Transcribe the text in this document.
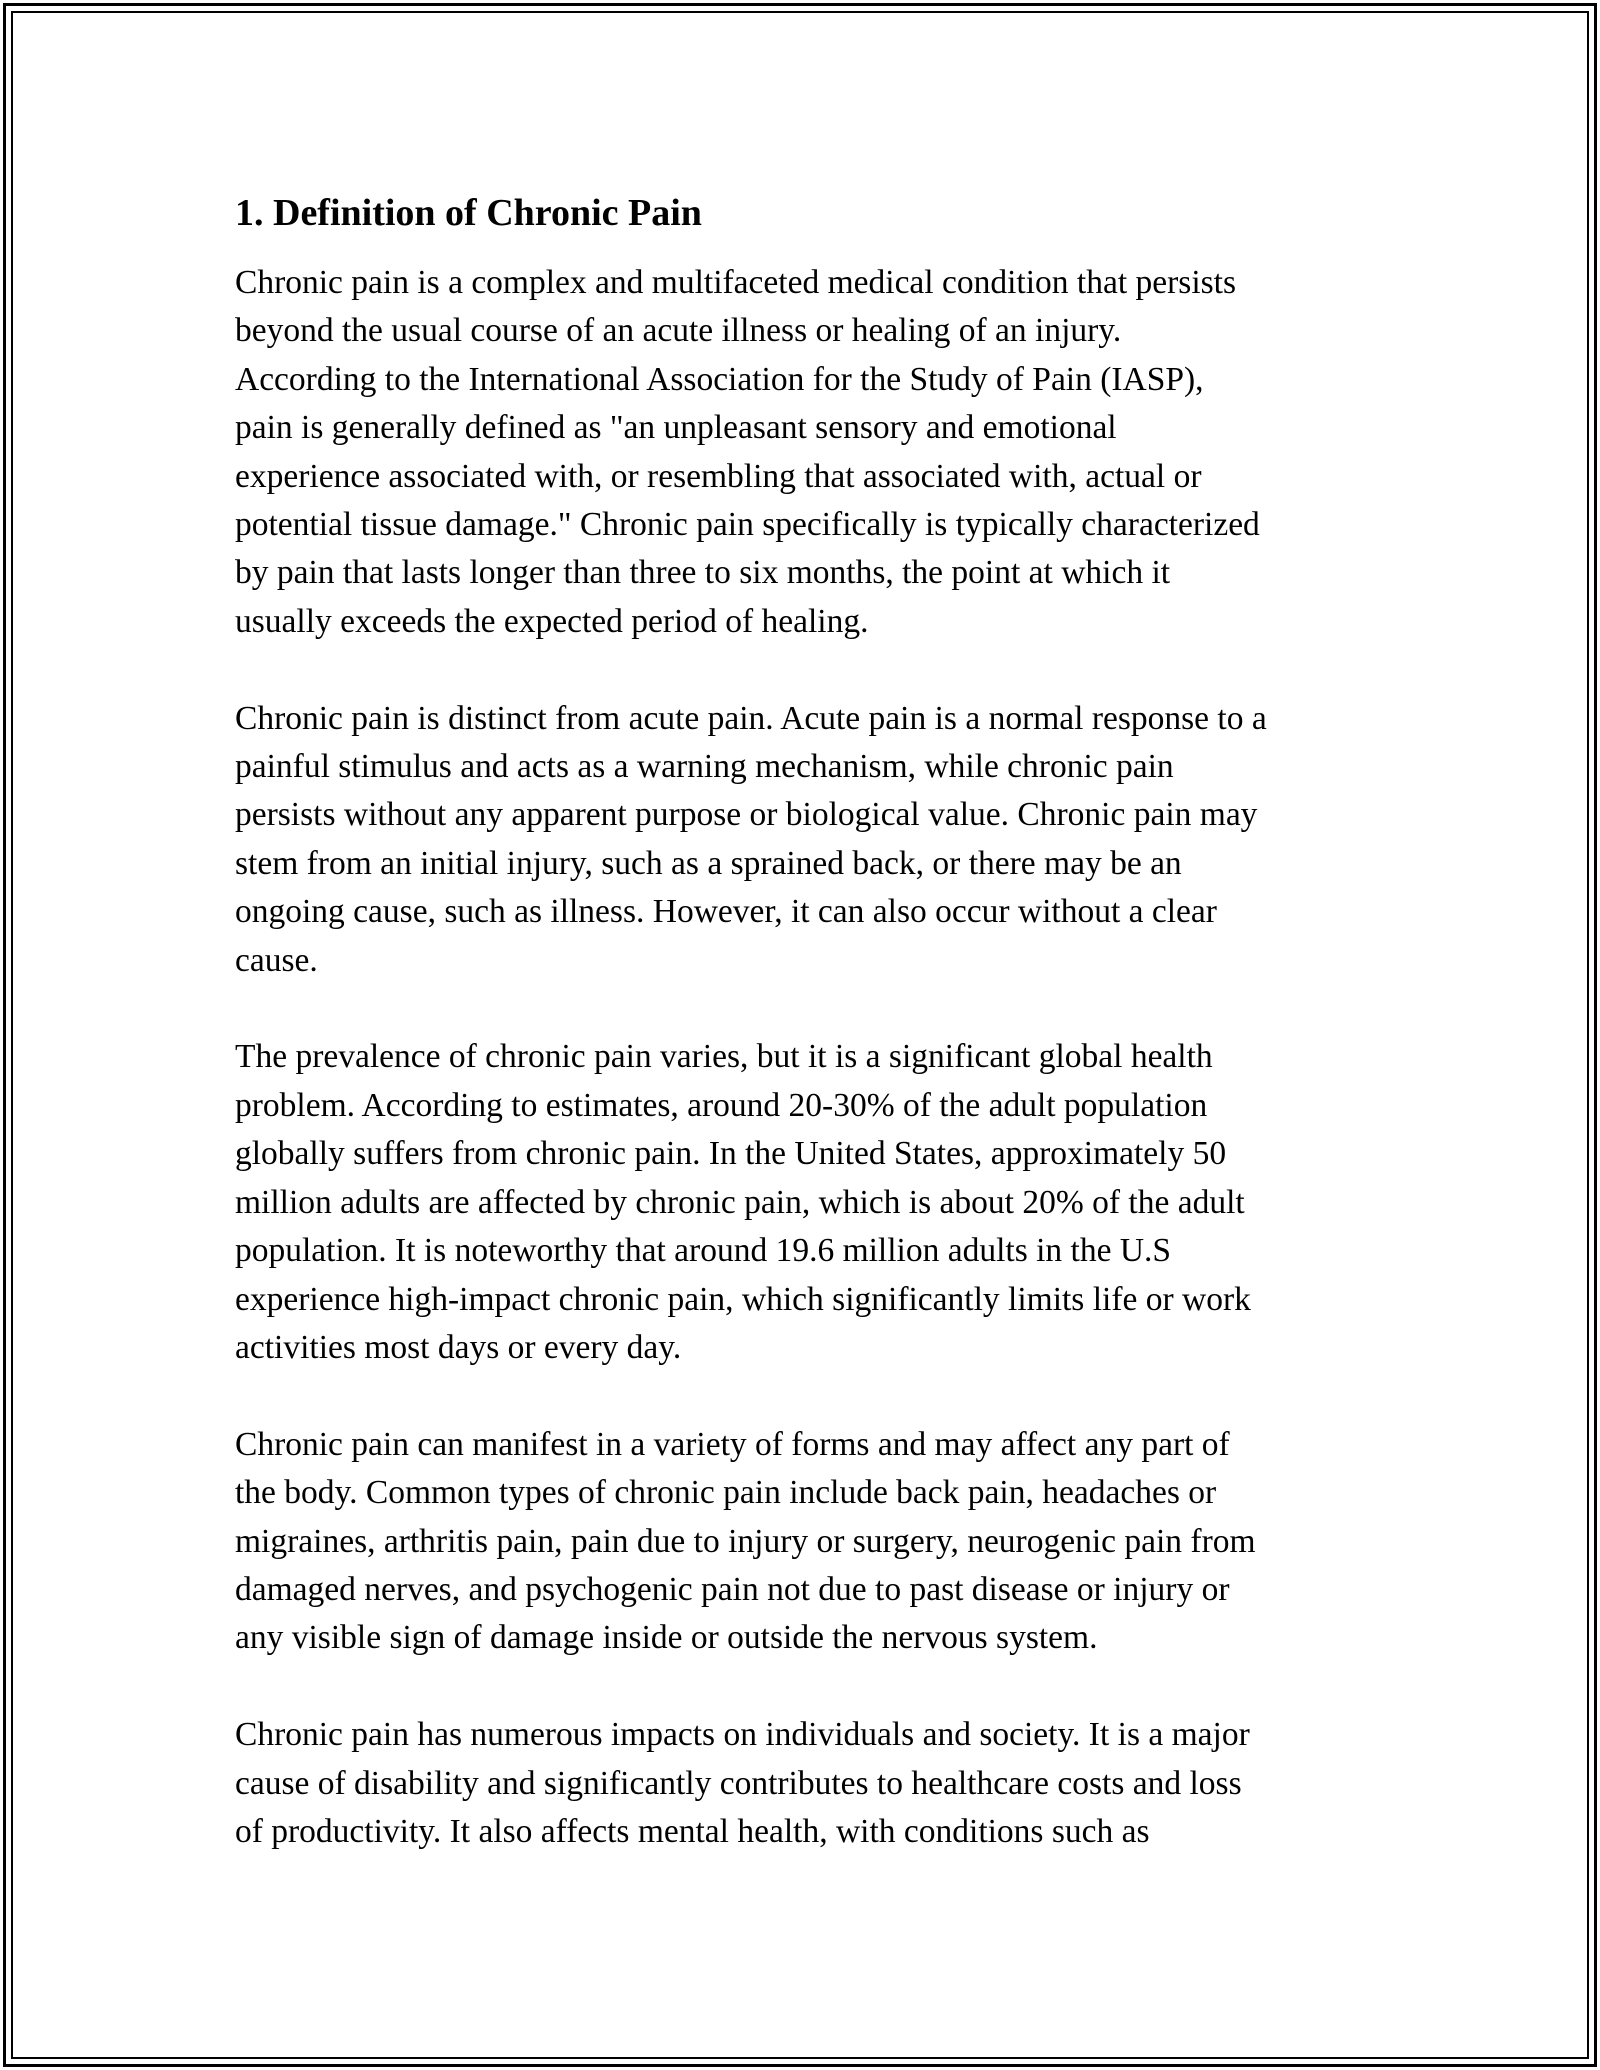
1. Definition of Chronic Pain

Chronic pain is a complex and multifaceted medical condition that persists
beyond the usual course of an acute illness or healing of an injury.
According to the International Association for the Study of Pain (IASP),
pain is generally defined as "an unpleasant sensory and emotional
experience associated with, or resembling that associated with, actual or
potential tissue damage." Chronic pain specifically is typically characterized
by pain that lasts longer than three to six months, the point at which it
usually exceeds the expected period of healing.

Chronic pain is distinct from acute pain. Acute pain is a normal response to a
painful stimulus and acts as a warning mechanism, while chronic pain
persists without any apparent purpose or biological value. Chronic pain may
stem from an initial injury, such as a sprained back, or there may be an
ongoing cause, such as illness. However, it can also occur without a clear
cause.

The prevalence of chronic pain varies, but it is a significant global health
problem. According to estimates, around 20-30% of the adult population
globally suffers from chronic pain. In the United States, approximately 50
million adults are affected by chronic pain, which is about 20% of the adult
population. It is noteworthy that around 19.6 million adults in the U.S
experience high-impact chronic pain, which significantly limits life or work
activities most days or every day.

Chronic pain can manifest in a variety of forms and may affect any part of
the body. Common types of chronic pain include back pain, headaches or
migraines, arthritis pain, pain due to injury or surgery, neurogenic pain from
damaged nerves, and psychogenic pain not due to past disease or injury or
any visible sign of damage inside or outside the nervous system.

Chronic pain has numerous impacts on individuals and society. It is a major
cause of disability and significantly contributes to healthcare costs and loss
of productivity. It also affects mental health, with conditions such as
